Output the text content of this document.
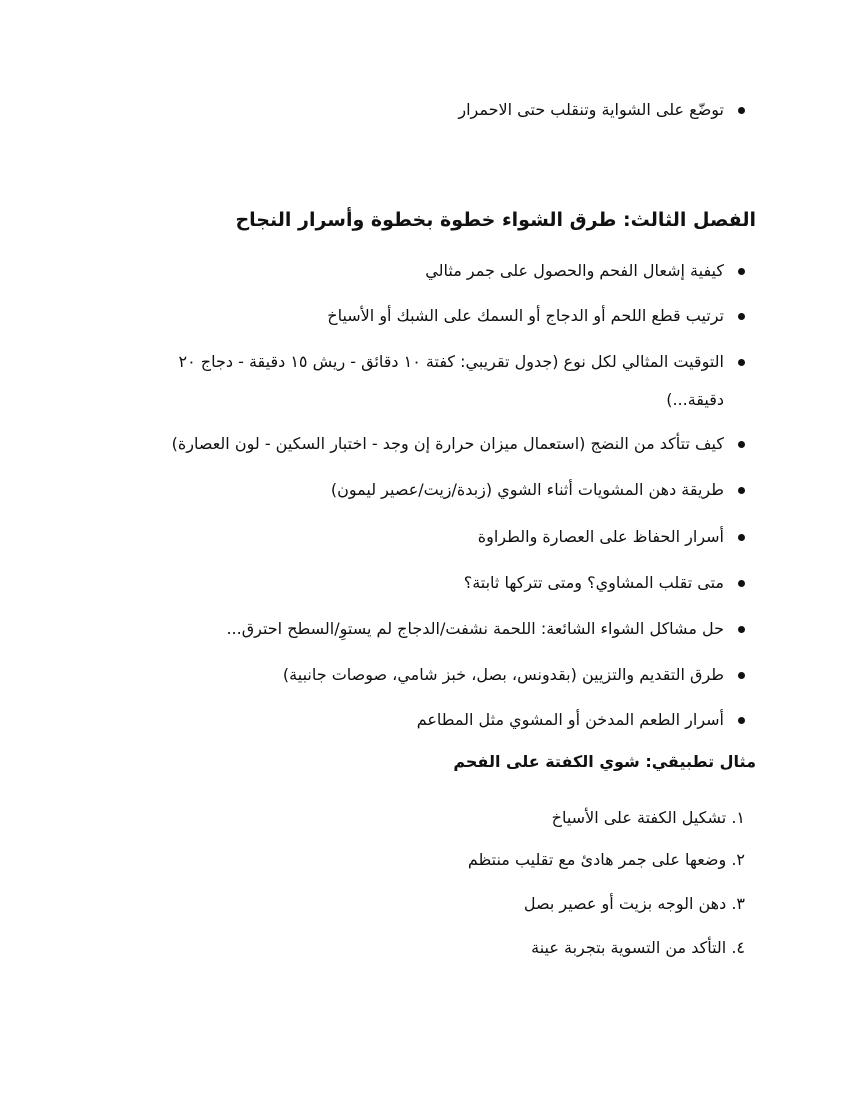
توضّع على الشواية وتنقلب حتى الاحمرار
الفصل الثالث: طرق الشواء خطوة بخطوة وأسرار النجاح
كيفية إشعال الفحم والحصول على جمر مثالي
ترتيب قطع اللحم أو الدجاج أو السمك على الشبك أو الأسياخ
التوقيت المثالي لكل نوع (جدول تقريبي: كفتة ١٠ دقائق - ريش ١٥ دقيقة - دجاج ٢٠ دقيقة...)
كيف تتأكد من النضج (استعمال ميزان حرارة إن وجد - اختبار السكين - لون العصارة)
طريقة دهن المشويات أثناء الشوي (زبدة/زيت/عصير ليمون)
أسرار الحفاظ على العصارة والطراوة
متى تقلب المشاوي؟ ومتى تتركها ثابتة؟
حل مشاكل الشواء الشائعة: اللحمة نشفت/الدجاج لم يستوِ/السطح احترق...
طرق التقديم والتزيين (بقدونس، بصل، خبز شامي، صوصات جانبية)
أسرار الطعم المدخن أو المشوي مثل المطاعم
مثال تطبيقي: شوي الكفتة على الفحم
١. تشكيل الكفتة على الأسياخ
٢. وضعها على جمر هادئ مع تقليب منتظم
٣. دهن الوجه بزيت أو عصير بصل
٤. التأكد من التسوية بتجربة عينة
